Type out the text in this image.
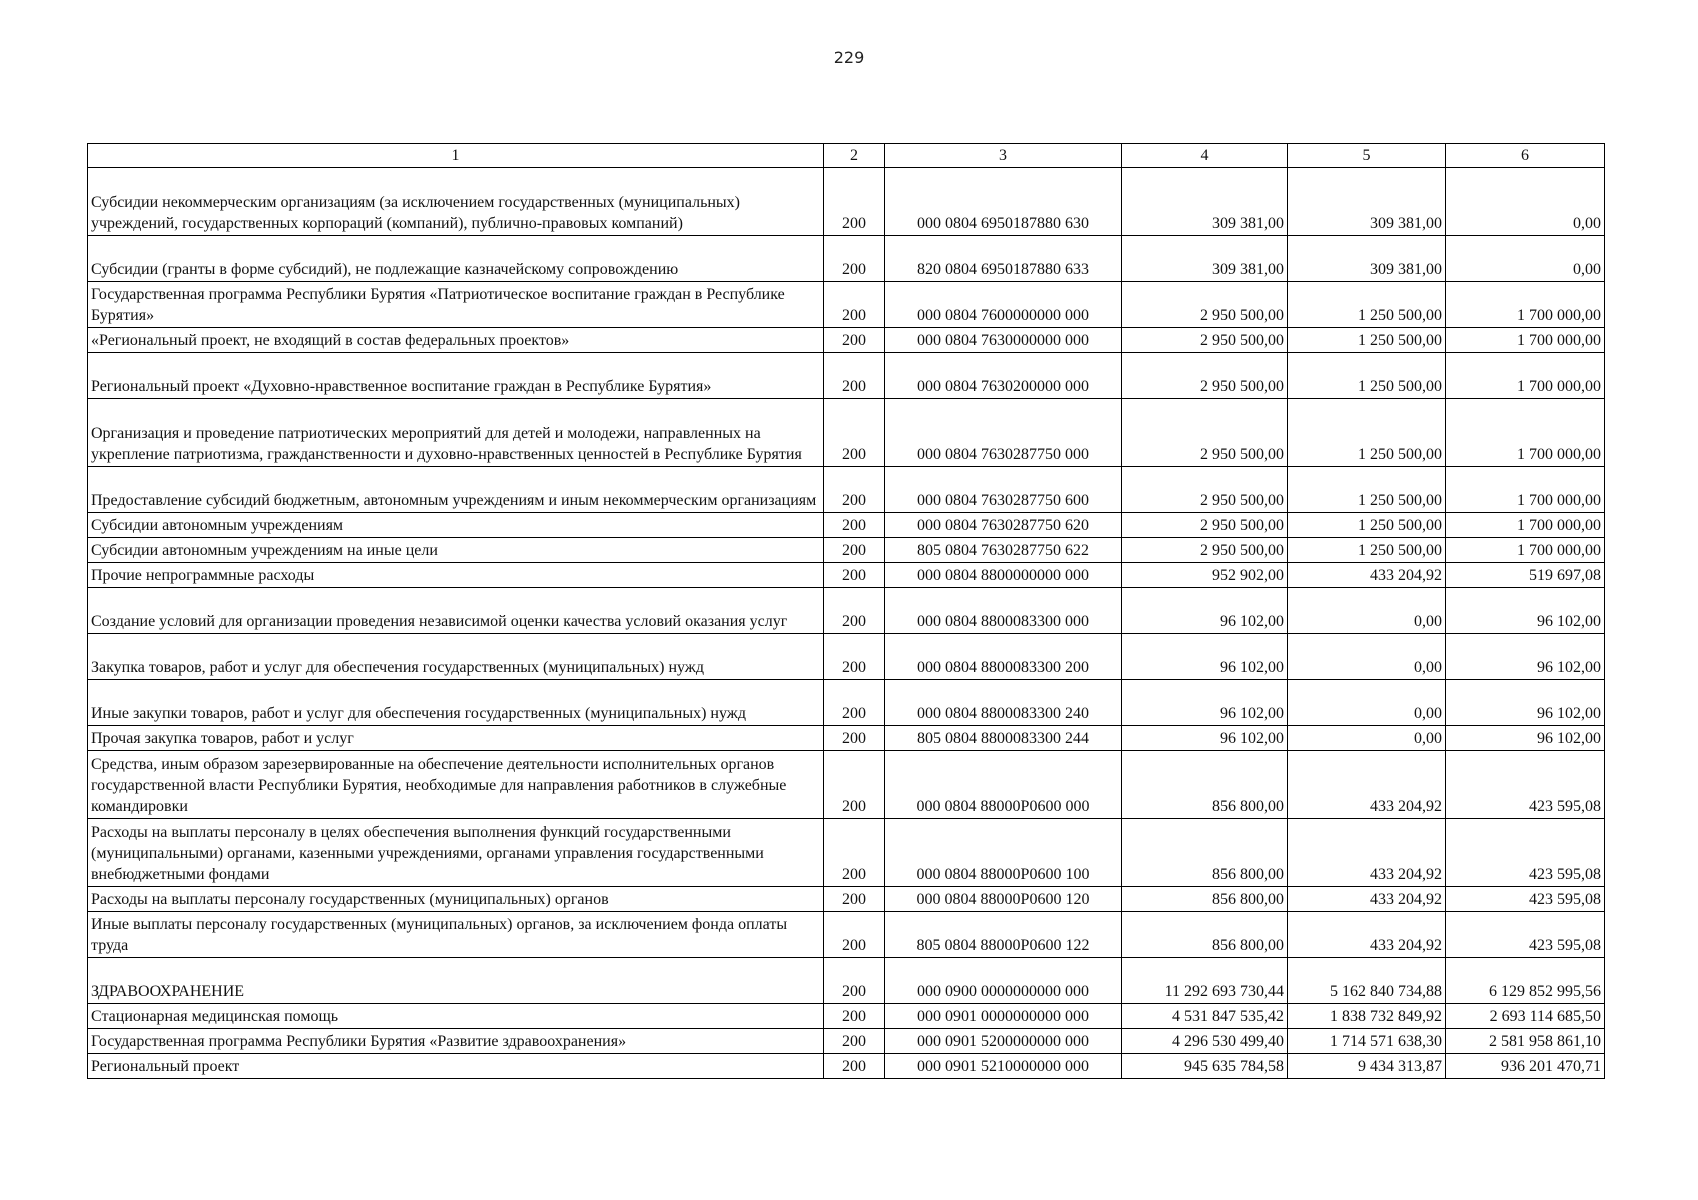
229
1	2	3	4	5	6
Субсидии некоммерческим организациям (за исключением государственных (муниципальных) учреждений, государственных корпораций (компаний), публично-правовых компаний)	200	000 0804 6950187880 630	309 381,00	309 381,00	0,00
Субсидии (гранты в форме субсидий), не подлежащие казначейскому сопровождению	200	820 0804 6950187880 633	309 381,00	309 381,00	0,00
Государственная программа Республики Бурятия «Патриотическое воспитание граждан в Республике Бурятия»	200	000 0804 7600000000 000	2 950 500,00	1 250 500,00	1 700 000,00
«Региональный проект, не входящий в состав федеральных проектов»	200	000 0804 7630000000 000	2 950 500,00	1 250 500,00	1 700 000,00
Региональный проект «Духовно-нравственное воспитание граждан в Республике Бурятия»	200	000 0804 7630200000 000	2 950 500,00	1 250 500,00	1 700 000,00
Организация и проведение патриотических мероприятий для детей и молодежи, направленных на укрепление патриотизма, гражданственности и духовно-нравственных ценностей в Республике Бурятия	200	000 0804 7630287750 000	2 950 500,00	1 250 500,00	1 700 000,00
Предоставление субсидий бюджетным, автономным учреждениям и иным некоммерческим организациям	200	000 0804 7630287750 600	2 950 500,00	1 250 500,00	1 700 000,00
Субсидии автономным учреждениям	200	000 0804 7630287750 620	2 950 500,00	1 250 500,00	1 700 000,00
Субсидии автономным учреждениям на иные цели	200	805 0804 7630287750 622	2 950 500,00	1 250 500,00	1 700 000,00
Прочие непрограммные расходы	200	000 0804 8800000000 000	952 902,00	433 204,92	519 697,08
Создание условий для организации проведения независимой оценки качества условий оказания услуг	200	000 0804 8800083300 000	96 102,00	0,00	96 102,00
Закупка товаров, работ и услуг для обеспечения государственных (муниципальных) нужд	200	000 0804 8800083300 200	96 102,00	0,00	96 102,00
Иные закупки товаров, работ и услуг для обеспечения государственных (муниципальных) нужд	200	000 0804 8800083300 240	96 102,00	0,00	96 102,00
Прочая закупка товаров, работ и услуг	200	805 0804 8800083300 244	96 102,00	0,00	96 102,00
Средства, иным образом зарезервированные на обеспечение деятельности исполнительных органов государственной власти Республики Бурятия, необходимые для направления работников в служебные командировки	200	000 0804 88000P0600 000	856 800,00	433 204,92	423 595,08
Расходы на выплаты персоналу в целях обеспечения выполнения функций государственными (муниципальными) органами, казенными учреждениями, органами управления государственными внебюджетными фондами	200	000 0804 88000P0600 100	856 800,00	433 204,92	423 595,08
Расходы на выплаты персоналу государственных (муниципальных) органов	200	000 0804 88000P0600 120	856 800,00	433 204,92	423 595,08
Иные выплаты персоналу государственных (муниципальных) органов, за исключением фонда оплаты труда	200	805 0804 88000P0600 122	856 800,00	433 204,92	423 595,08
ЗДРАВООХРАНЕНИЕ	200	000 0900 0000000000 000	11 292 693 730,44	5 162 840 734,88	6 129 852 995,56
Стационарная медицинская помощь	200	000 0901 0000000000 000	4 531 847 535,42	1 838 732 849,92	2 693 114 685,50
Государственная программа Республики Бурятия «Развитие здравоохранения»	200	000 0901 5200000000 000	4 296 530 499,40	1 714 571 638,30	2 581 958 861,10
Региональный проект	200	000 0901 5210000000 000	945 635 784,58	9 434 313,87	936 201 470,71
